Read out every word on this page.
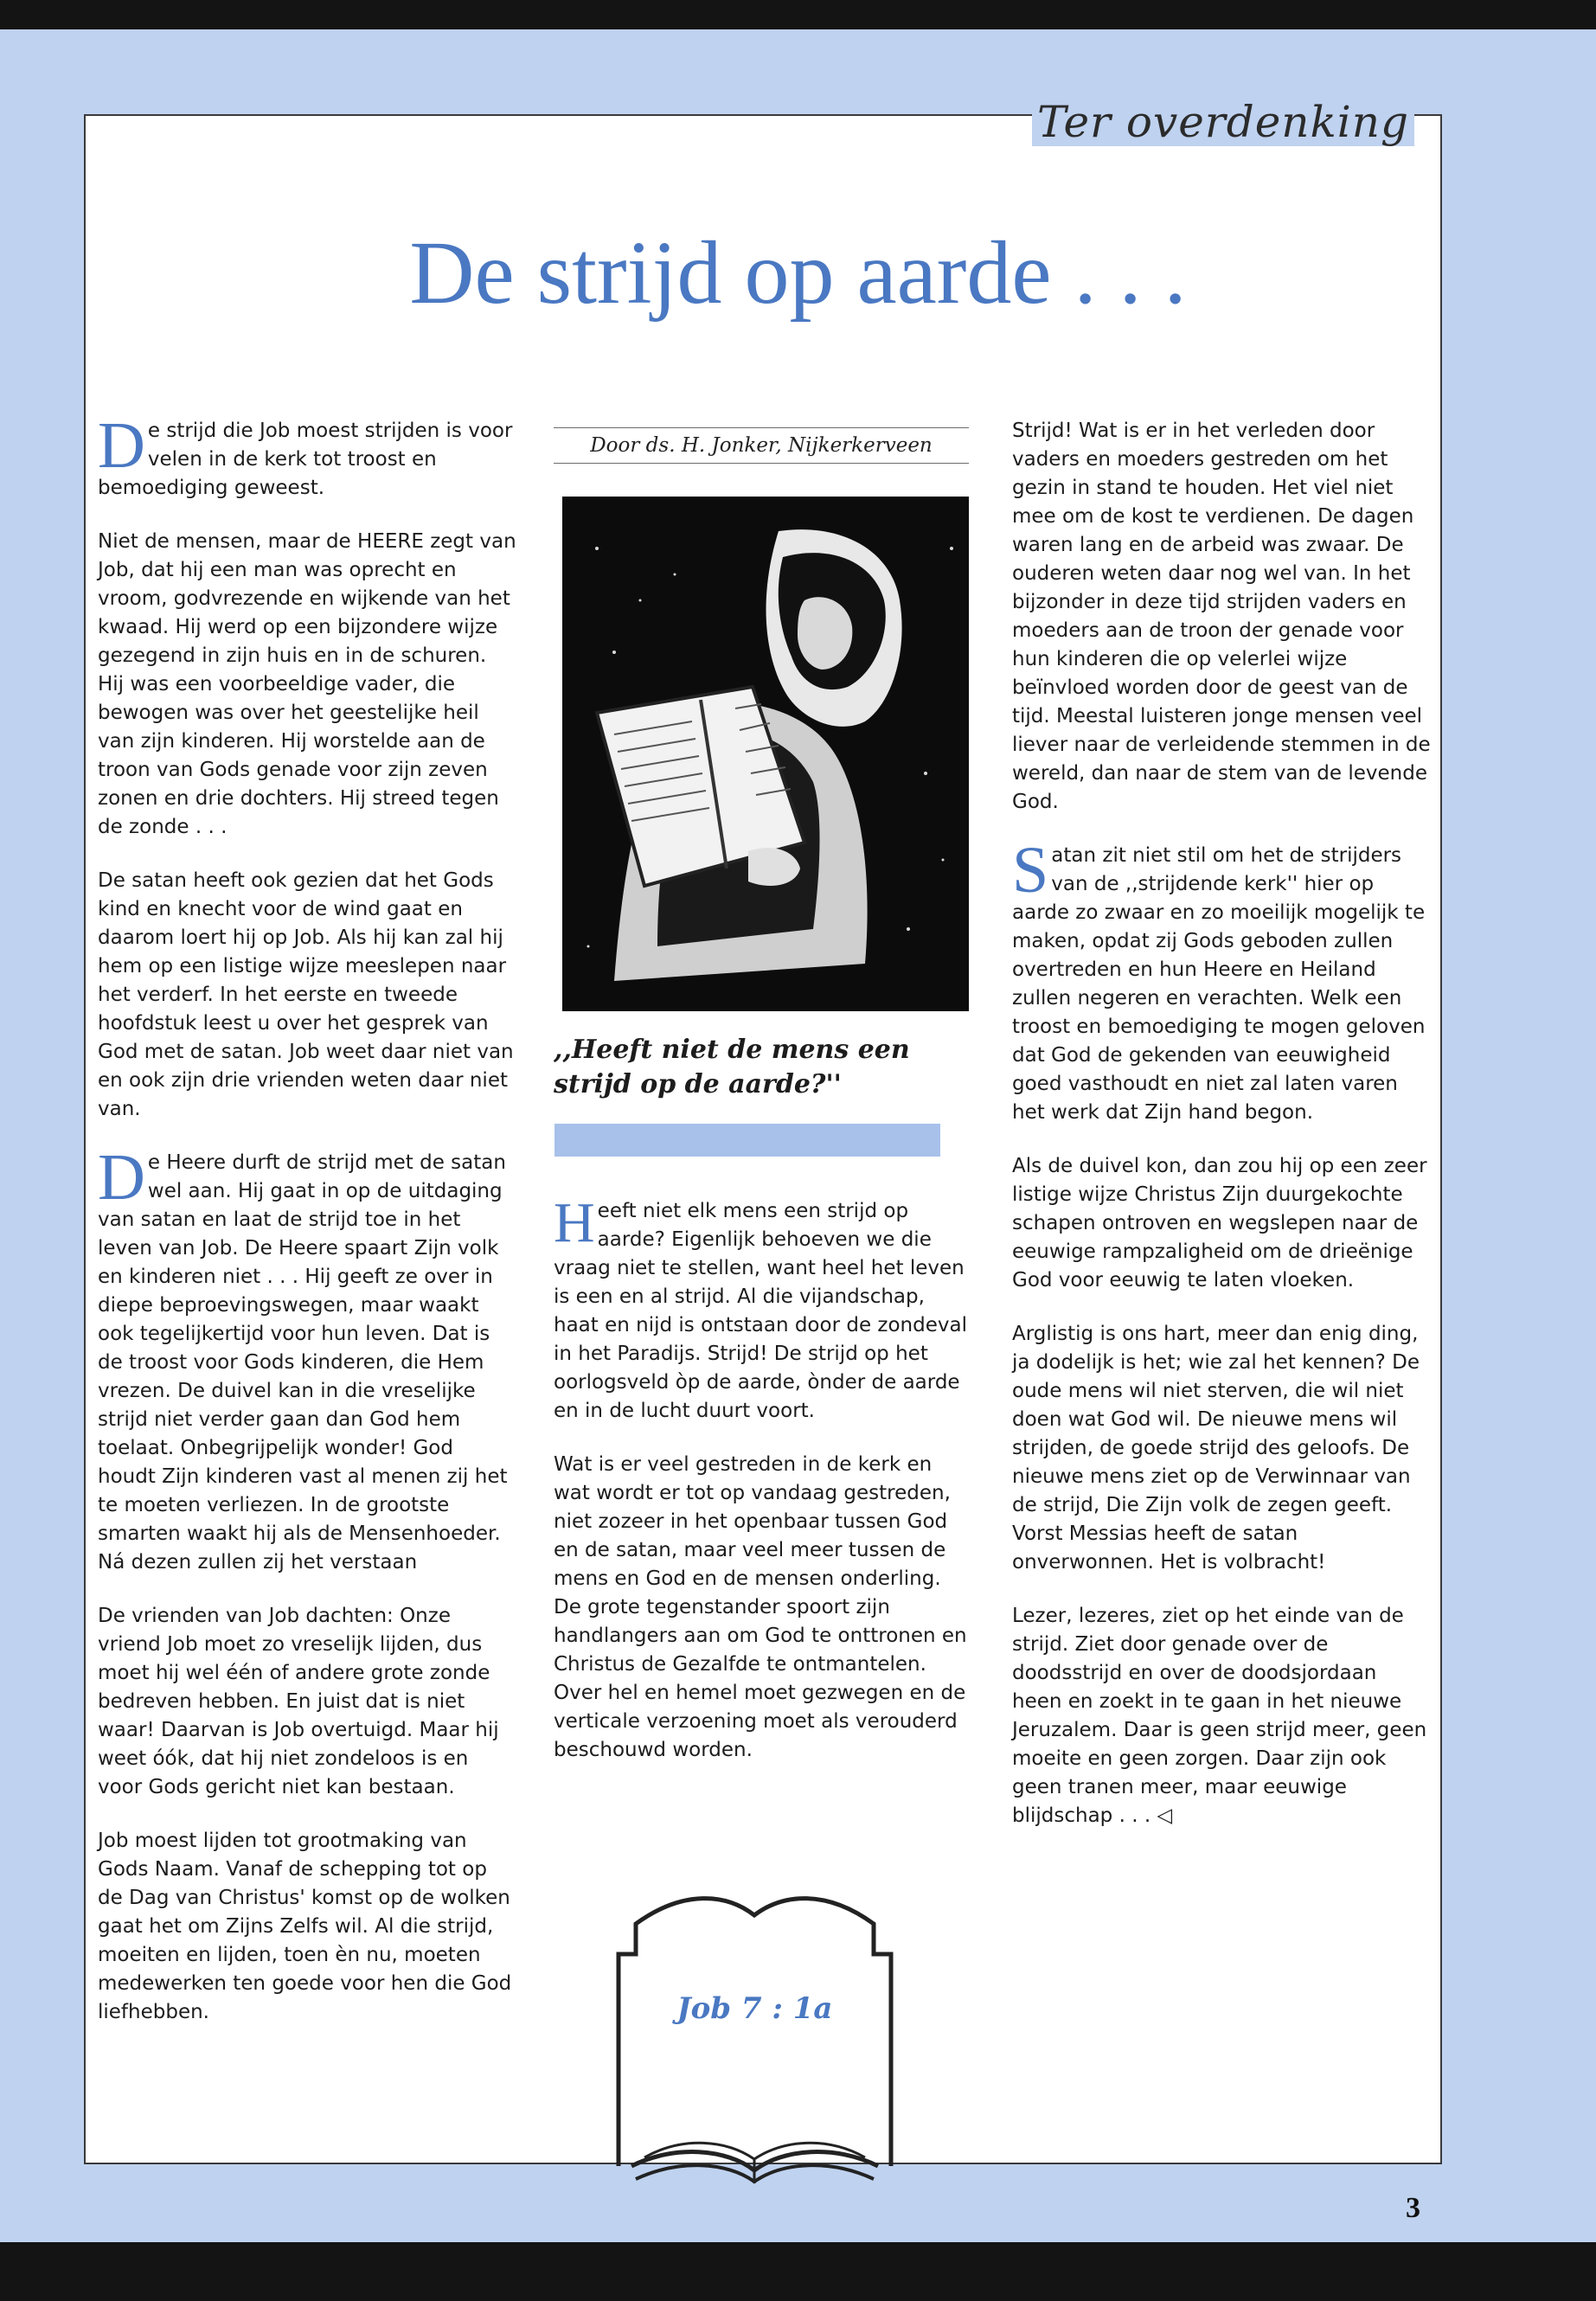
Ter overdenking
De strijd op aarde . . .

De strijd die Job moest strijden is voor velen in de kerk tot troost en bemoediging geweest.

Niet de mensen, maar de HEERE zegt van Job, dat hij een man was oprecht en vroom, godvrezende en wijkende van het kwaad. Hij werd op een bijzondere wijze gezegend in zijn huis en in de schuren. Hij was een voorbeeldige vader, die bewogen was over het geestelijke heil van zijn kinderen. Hij worstelde aan de troon van Gods genade voor zijn zeven zonen en drie dochters. Hij streed tegen de zonde . . .

De satan heeft ook gezien dat het Gods kind en knecht voor de wind gaat en daarom loert hij op Job. Als hij kan zal hij hem op een listige wijze meeslepen naar het verderf. In het eerste en tweede hoofdstuk leest u over het gesprek van God met de satan. Job weet daar niet van en ook zijn drie vrienden weten daar niet van.

De Heere durft de strijd met de satan wel aan. Hij gaat in op de uitdaging van satan en laat de strijd toe in het leven van Job. De Heere spaart Zijn volk en kinderen niet . . . Hij geeft ze over in diepe beproevingswegen, maar waakt ook tegelijkertijd voor hun leven. Dat is de troost voor Gods kinderen, die Hem vrezen. De duivel kan in die vreselijke strijd niet verder gaan dan God hem toelaat. Onbegrijpelijk wonder! God houdt Zijn kinderen vast al menen zij het te moeten verliezen. In de grootste smarten waakt hij als de Mensenhoeder. Ná dezen zullen zij het verstaan

De vrienden van Job dachten: Onze vriend Job moet zo vreselijk lijden, dus moet hij wel één of andere grote zonde bedreven hebben. En juist dat is niet waar! Daarvan is Job overtuigd. Maar hij weet óók, dat hij niet zondeloos is en voor Gods gericht niet kan bestaan.

Job moest lijden tot grootmaking van Gods Naam. Vanaf de schepping tot op de Dag van Christus' komst op de wolken gaat het om Zijns Zelfs wil. Al die strijd, moeiten en lijden, toen èn nu, moeten medewerken ten goede voor hen die God liefhebben.

Door ds. H. Jonker, Nijkerkerveen
,,Heeft niet de mens een strijd op de aarde?''

Heeft niet elk mens een strijd op aarde? Eigenlijk behoeven we die vraag niet te stellen, want heel het leven is een en al strijd. Al die vijandschap, haat en nijd is ontstaan door de zondeval in het Paradijs. Strijd! De strijd op het oorlogsveld òp de aarde, ònder de aarde en in de lucht duurt voort.

Wat is er veel gestreden in de kerk en wat wordt er tot op vandaag gestreden, niet zozeer in het openbaar tussen God en de satan, maar veel meer tussen de mens en God en de mensen onderling. De grote tegenstander spoort zijn handlangers aan om God te onttronen en Christus de Gezalfde te ontmantelen. Over hel en hemel moet gezwegen en de verticale verzoening moet als verouderd beschouwd worden.

Job 7 : 1a

Strijd! Wat is er in het verleden door vaders en moeders gestreden om het gezin in stand te houden. Het viel niet mee om de kost te verdienen. De dagen waren lang en de arbeid was zwaar. De ouderen weten daar nog wel van. In het bijzonder in deze tijd strijden vaders en moeders aan de troon der genade voor hun kinderen die op velerlei wijze beïnvloed worden door de geest van de tijd. Meestal luisteren jonge mensen veel liever naar de verleidende stemmen in de wereld, dan naar de stem van de levende God.

Satan zit niet stil om het de strijders van de ,,strijdende kerk'' hier op aarde zo zwaar en zo moeilijk mogelijk te maken, opdat zij Gods geboden zullen overtreden en hun Heere en Heiland zullen negeren en verachten. Welk een troost en bemoediging te mogen geloven dat God de gekenden van eeuwigheid goed vasthoudt en niet zal laten varen het werk dat Zijn hand begon.

Als de duivel kon, dan zou hij op een zeer listige wijze Christus Zijn duurgekochte schapen ontroven en wegslepen naar de eeuwige rampzaligheid om de drieënige God voor eeuwig te laten vloeken.

Arglistig is ons hart, meer dan enig ding, ja dodelijk is het; wie zal het kennen? De oude mens wil niet sterven, die wil niet doen wat God wil. De nieuwe mens wil strijden, de goede strijd des geloofs. De nieuwe mens ziet op de Verwinnaar van de strijd, Die Zijn volk de zegen geeft. Vorst Messias heeft de satan onverwonnen. Het is volbracht!

Lezer, lezeres, ziet op het einde van de strijd. Ziet door genade over de doodsstrijd en over de doodsjordaan heen en zoekt in te gaan in het nieuwe Jeruzalem. Daar is geen strijd meer, geen moeite en geen zorgen. Daar zijn ook geen tranen meer, maar eeuwige blijdschap . . . ◁

3
